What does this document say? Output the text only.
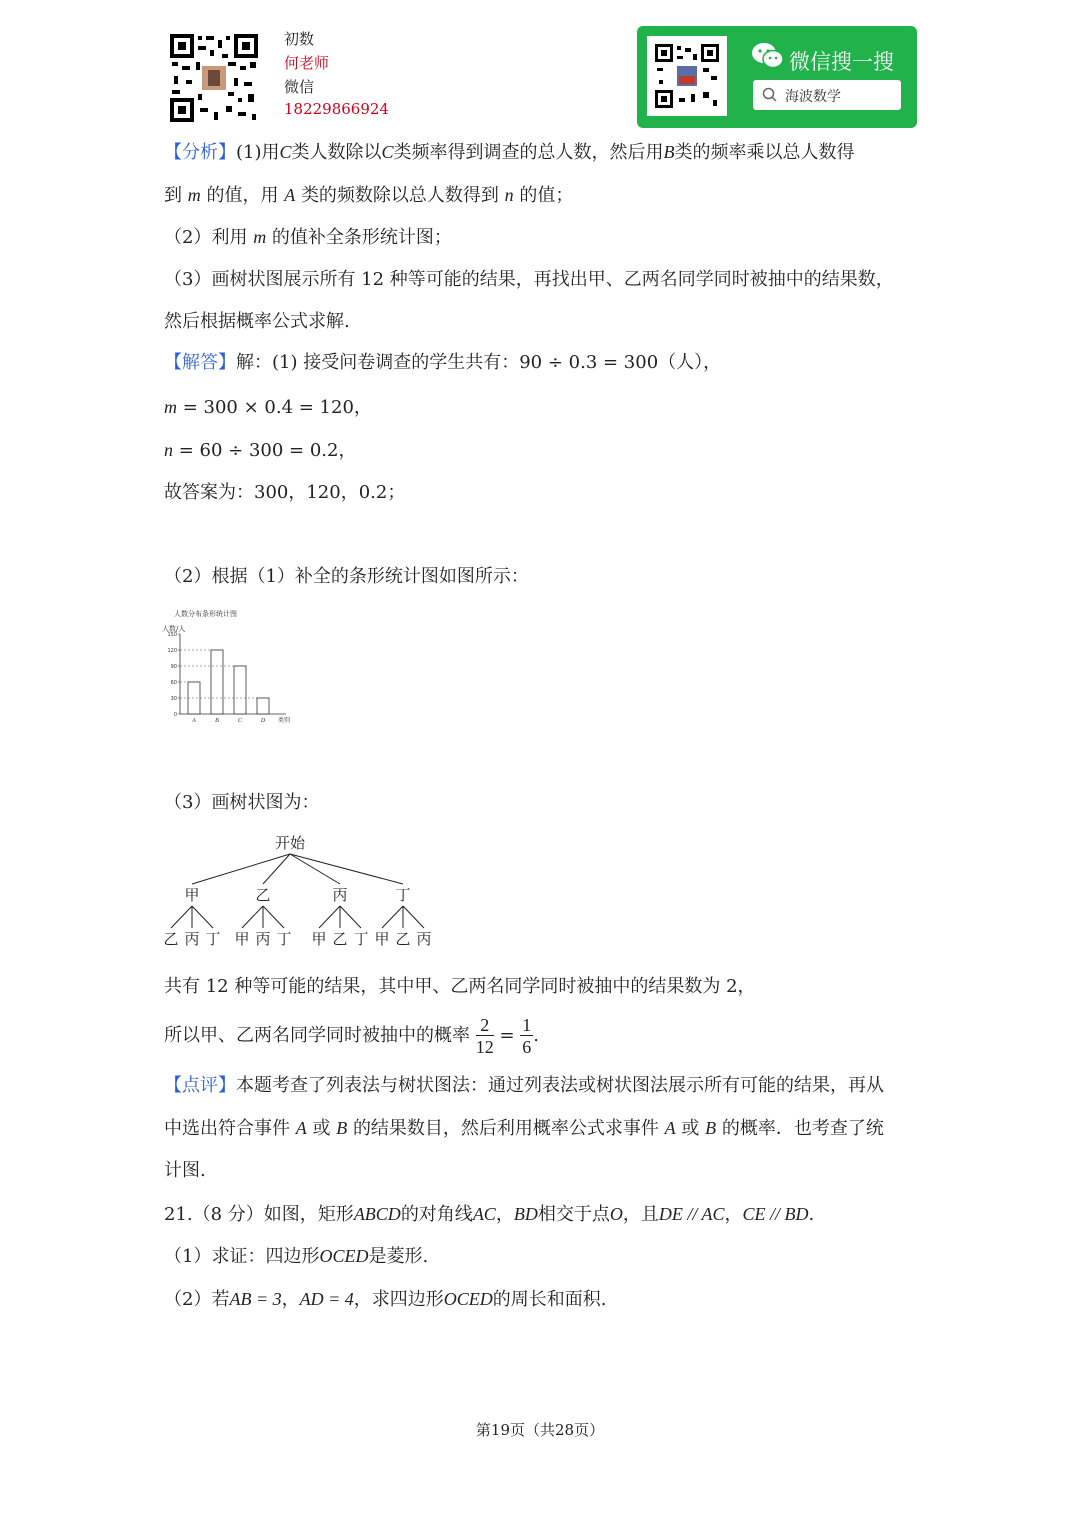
初数
何老师
微信
18229866924
微信搜一搜
海波数学
【分析】(1)用C类人数除以C类频率得到调查的总人数，然后用B类的频率乘以总人数得
到 m 的值，用 A 类的频数除以总人数得到 n 的值；
（2）利用 m 的值补全条形统计图；
（3）画树状图展示所有 12 种等可能的结果，再找出甲、乙两名同学同时被抽中的结果数，
然后根据概率公式求解.
【解答】解：(1) 接受问卷调查的学生共有：90 ÷ 0.3 = 300（人），
m = 300 × 0.4 = 120，
n = 60 ÷ 300 = 0.2，
故答案为：300，120，0.2；
（2）根据（1）补全的条形统计图如图所示：
人数分布条形统计图
人数/人
0
30
60
90
120
150
A	B	C	D 类别
（3）画树状图为：
开始
甲
乙 丙 丁
乙
甲 丙 丁
丙
甲 乙 丁
丁
甲 乙 丙
共有 12 种等可能的结果，其中甲、乙两名同学同时被抽中的结果数为 2，
所以甲、乙两名同学同时被抽中的概率 $\frac{2}{12} = \frac{1}{6}$ .
【点评】本题考查了列表法与树状图法：通过列表法或树状图法展示所有可能的结果，再从
中选出符合事件 A 或 B 的结果数目，然后利用概率公式求事件 A 或 B 的概率．也考查了统
计图.
21.（8 分）如图，矩形ABCD的对角线AC，BD相交于点O，且DE // AC，CE // BD.
（1）求证：四边形OCED是菱形.
（2）若AB = 3，AD = 4，求四边形OCED的周长和面积.
第19页（共28页）
